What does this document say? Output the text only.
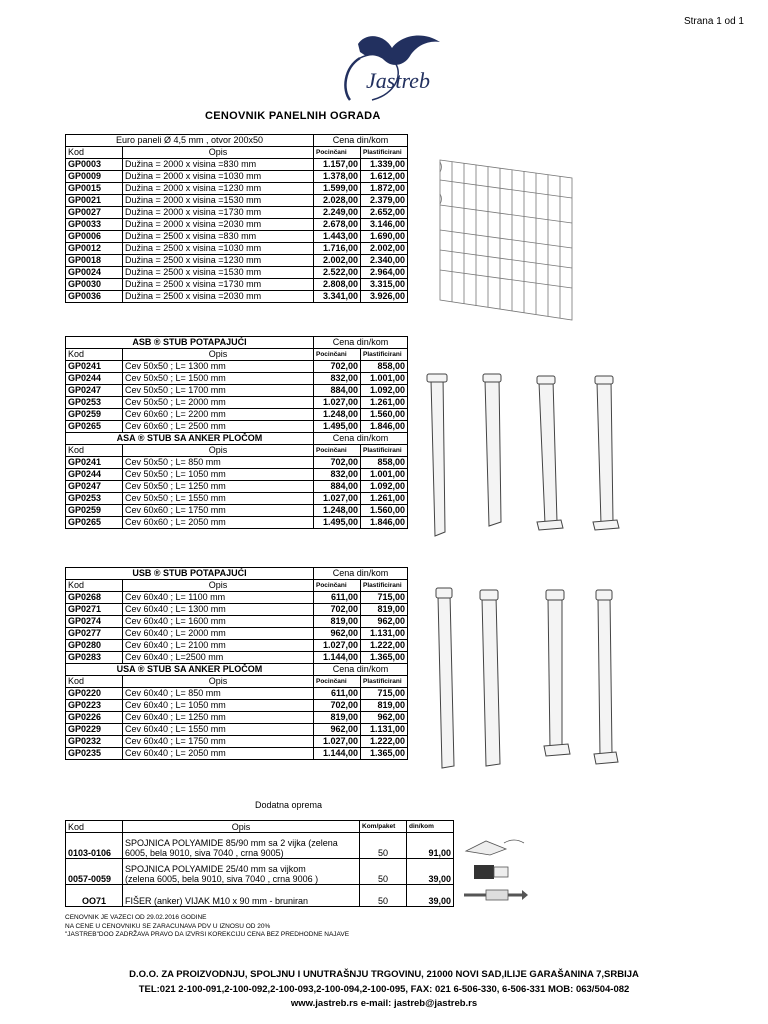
Strana 1 od 1
Jastreb
CENOVNIK PANELNIH OGRADA
Euro paneli Ø 4,5 mm , otvor 200x50		Cena din/kom	
Kod	Opis	Pocinčani	Plastificirani
GP0003	Dužina = 2000 x visina =830 mm	1.157,00	1.339,00
GP0009	Dužina = 2000 x visina =1030 mm	1.378,00	1.612,00
GP0015	Dužina = 2000 x visina =1230 mm	1.599,00	1.872,00
GP0021	Dužina = 2000 x visina =1530 mm	2.028,00	2.379,00
GP0027	Dužina = 2000 x visina =1730 mm	2.249,00	2.652,00
GP0033	Dužina = 2000 x visina =2030 mm	2.678,00	3.146,00
GP0006	Dužina = 2500 x visina =830 mm	1.443,00	1.690,00
GP0012	Dužina = 2500 x visina =1030 mm	1.716,00	2.002,00
GP0018	Dužina = 2500 x visina =1230 mm	2.002,00	2.340,00
GP0024	Dužina = 2500 x visina =1530 mm	2.522,00	2.964,00
GP0030	Dužina = 2500 x visina =1730 mm	2.808,00	3.315,00
GP0036	Dužina = 2500 x visina =2030 mm	3.341,00	3.926,00
ASB ® STUB POTAPAJUĆI		Cena din/kom	
Kod	Opis	Pocinčani	Plastificirani
GP0241	Cev 50x50 ; L= 1300 mm	702,00	858,00
GP0244	Cev 50x50 ; L= 1500 mm	832,00	1.001,00
GP0247	Cev 50x50 ; L= 1700 mm	884,00	1.092,00
GP0253	Cev 50x50 ; L= 2000 mm	1.027,00	1.261,00
GP0259	Cev 60x60 ; L= 2200 mm	1.248,00	1.560,00
GP0265	Cev 60x60 ; L= 2500 mm	1.495,00	1.846,00
ASA ® STUB SA ANKER PLOČOM		Cena din/kom	
Kod	Opis	Pocinčani	Plastificirani
GP0241	Cev 50x50 ; L= 850 mm	702,00	858,00
GP0244	Cev 50x50 ; L= 1050 mm	832,00	1.001,00
GP0247	Cev 50x50 ; L= 1250 mm	884,00	1.092,00
GP0253	Cev 50x50 ; L= 1550 mm	1.027,00	1.261,00
GP0259	Cev 60x60 ; L= 1750 mm	1.248,00	1.560,00
GP0265	Cev 60x60 ; L= 2050 mm	1.495,00	1.846,00
USB ® STUB POTAPAJUĆI		Cena din/kom	
Kod	Opis	Pocinčani	Plastificirani
GP0268	Cev 60x40 ; L= 1100 mm	611,00	715,00
GP0271	Cev 60x40 ; L= 1300 mm	702,00	819,00
GP0274	Cev 60x40 ; L= 1600 mm	819,00	962,00
GP0277	Cev 60x40 ; L= 2000 mm	962,00	1.131,00
GP0280	Cev 60x40 ; L= 2100 mm	1.027,00	1.222,00
GP0283	Cev 60x40 ; L=2500 mm	1.144,00	1.365,00
USA ® STUB SA ANKER PLOČOM		Cena din/kom	
Kod	Opis	Pocinčani	Plastificirani
GP0220	Cev 60x40 ; L= 850 mm	611,00	715,00
GP0223	Cev 60x40 ; L= 1050 mm	702,00	819,00
GP0226	Cev 60x40 ; L= 1250 mm	819,00	962,00
GP0229	Cev 60x40 ; L= 1550 mm	962,00	1.131,00
GP0232	Cev 60x40 ; L= 1750 mm	1.027,00	1.222,00
GP0235	Cev 60x40 ; L= 2050 mm	1.144,00	1.365,00
Dodatna oprema
Kod	Opis	Kom/paket	din/kom	
0103-0106	SPOJNICA POLYAMIDE 85/90 mm sa 2 vijka (zelena
6005, bela 9010, siva 7040 , crna 9005)	50	91,00	
0057-0059	SPOJNICA POLYAMIDE 25/40 mm sa vijkom
(zelena 6005, bela 9010, siva 7040 , crna 9006 )	50	39,00	
OO71	FIŠER (anker) VIJAK M10 x 90 mm - bruniran	50	39,00	
CENOVNIK JE VAZECI OD 29.02.2016 GODINE
NA CENE U CENOVNIKU SE ZARACUNAVA PDV U IZNOSU OD 20%
"JASTREB"DOO ZADRŽAVA PRAVO DA IZVRSI KOREKCIJU CENA BEZ PREDHODNE NAJAVE
D.O.O. ZA PROIZVODNJU, SPOLJNU I UNUTRAŠNJU TRGOVINU, 21000 NOVI SAD,ILIJE GARAŠANINA 7,SRBIJA
TEL:021 2-100-091,2-100-092,2-100-093,2-100-094,2-100-095, FAX: 021 6-506-330, 6-506-331 MOB: 063/504-082
www.jastreb.rs e-mail: jastreb@jastreb.rs
